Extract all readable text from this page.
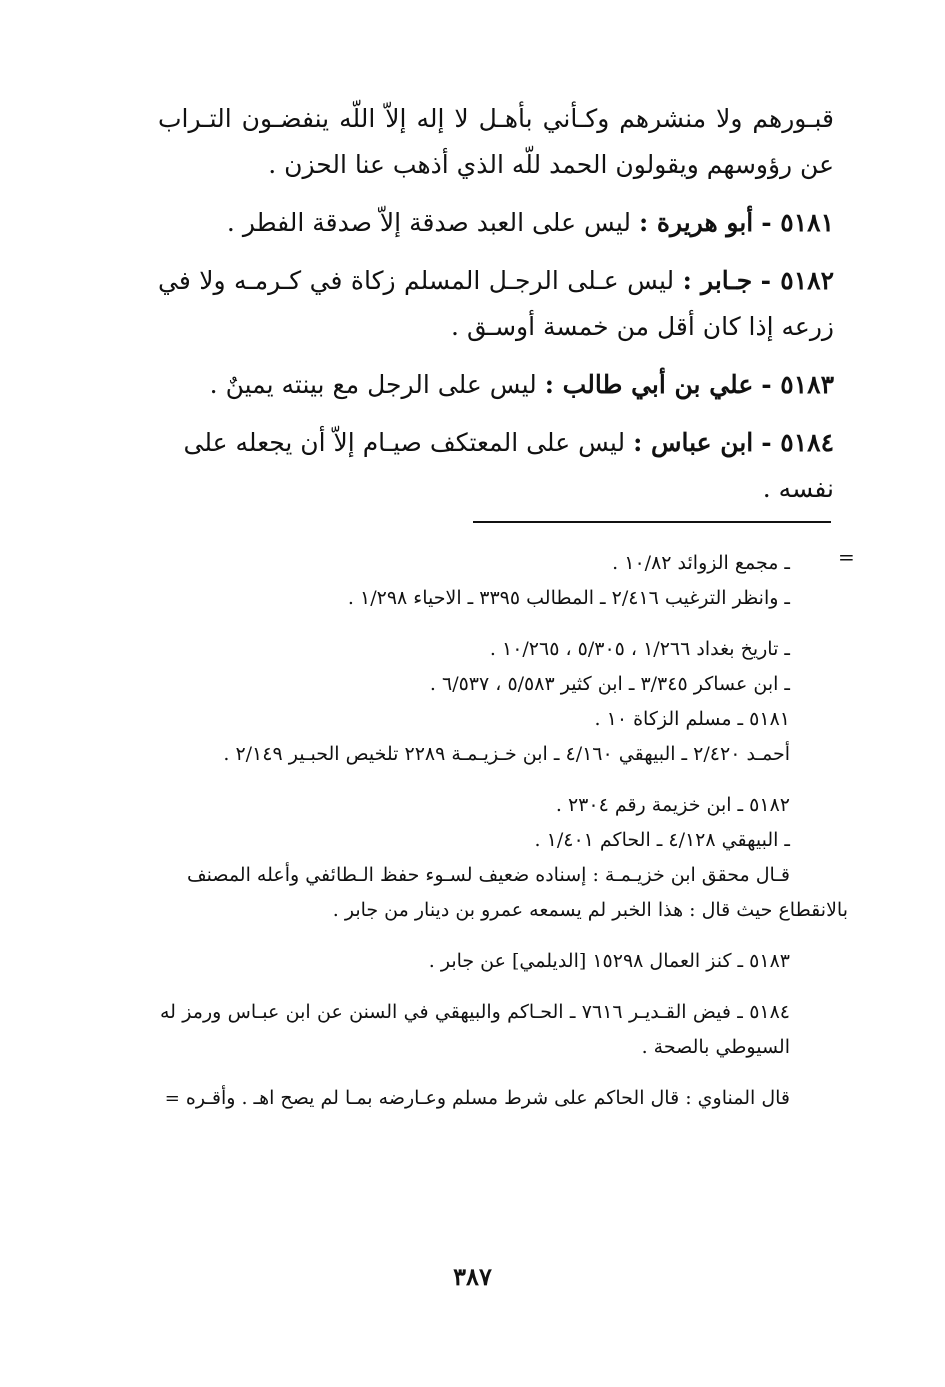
قبـورهم ولا منشرهم وكـأني بأهـل لا إله إلاّ اللّه ينفضـون التـراب عن رؤوسهم ويقولون الحمد للّه الذي أذهب عنا الحزن .

٥١٨١ - أبو هريرة : ليس على العبد صدقة إلاّ صدقة الفطر .

٥١٨٢ - جـابر : ليس عـلى الرجـل المسلم زكاة في كـرمـه ولا في زرعه إذا كان أقل من خمسة أوسـق .

٥١٨٣ - علي بن أبي طالب : ليس على الرجل مع بينته يمينٌ .

٥١٨٤ - ابن عباس : ليس على المعتكف صيـام إلاّ أن يجعله على

نفسه .

=

ـ مجمع الزوائد ١٠/٨٢ .

ـ وانظر الترغيب ٢/٤١٦ ـ المطالب ٣٣٩٥ ـ الاحياء ١/٢٩٨ .

ـ تاريخ بغداد ١/٢٦٦ ، ٥/٣٠٥ ، ١٠/٢٦٥ .

ـ ابن عساكر ٣/٣٤٥ ـ ابن كثير ٥/٥٨٣ ، ٦/٥٣٧ .

٥١٨١ ـ مسلم الزكاة ١٠ .

أحمـد ٢/٤٢٠ ـ البيهقي ٤/١٦٠ ـ ابن خـزيـمـة ٢٢٨٩ تلخيص الحبـير ٢/١٤٩ .

٥١٨٢ ـ ابن خزيمة رقم ٢٣٠٤ .

ـ البيهقي ٤/١٢٨ ـ الحاكم ١/٤٠١ .

قـال محقق ابن خزيـمـة : إسناده ضعيف لسـوء حفظ الـطائفي وأعله المصنف

بالانقطاع حيث قال : هذا الخبر لم يسمعه عمرو بن دينار من جابر .

٥١٨٣ ـ كنز العمال ١٥٢٩٨ [الديلمي] عن جابر .

٥١٨٤ ـ فيض القـديـر ٧٦١٦ ـ الحـاكم والبيهقي في السنن عن ابن عبـاس ورمز له السيوطي بالصحة .

قال المناوي : قال الحاكم على شرط مسلم وعـارضه بمـا لم يصح اهـ . وأقـره =

٣٨٧
